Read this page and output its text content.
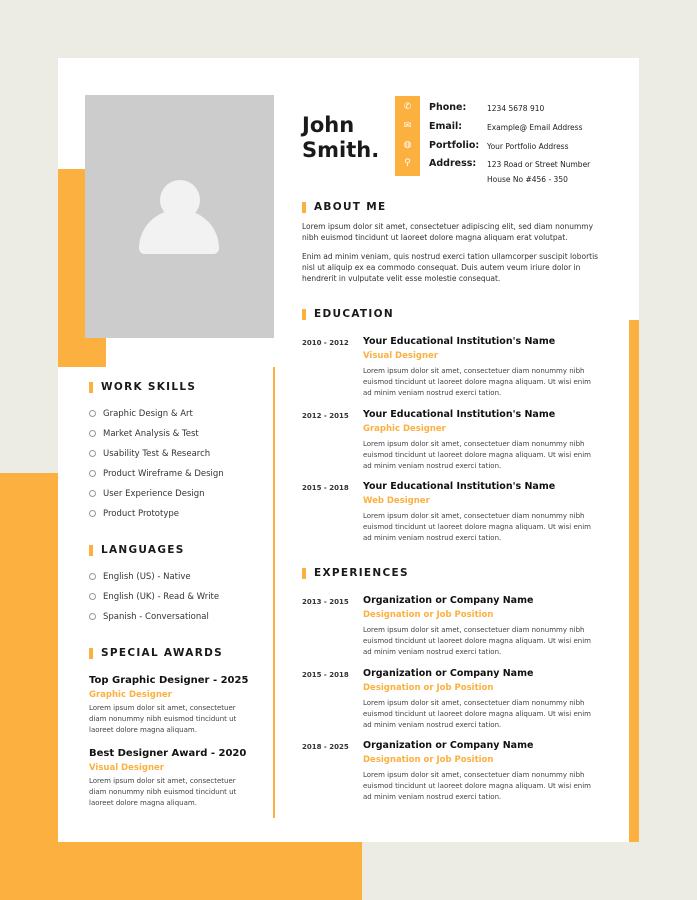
John
Smith.
✆
✉
◍
⚲
Phone:	1234 5678 910
Email:	Example@ Email Address
Portfolio: Your Portfolio Address
Address: 123 Road or Street Number
House No #456 - 350
ABOUT ME
Lorem ipsum dolor sit amet, consectetuer adipiscing elit, sed diam nonummy nibh euismod tincidunt ut laoreet dolore magna aliquam erat volutpat.
Enim ad minim veniam, quis nostrud exerci tation ullamcorper suscipit lobortis nisl ut aliquip ex ea commodo consequat. Duis autem veum iriure dolor in hendrerit in vulputate velit esse molestie consequat.
WORK SKILLS
Graphic Design & Art
Market Analysis & Test
Usability Test & Research
Product Wireframe & Design
User Experience Design
Product Prototype
LANGUAGES
English (US) - Native
English (UK) - Read & Write
Spanish - Conversational
SPECIAL AWARDS
Top Graphic Designer - 2025
Graphic Designer
Lorem ipsum dolor sit amet, consectetuer diam nonummy nibh euismod tincidunt ut laoreet dolore magna aliquam.
Best Designer Award - 2020
Visual Designer
Lorem ipsum dolor sit amet, consectetuer diam nonummy nibh euismod tincidunt ut laoreet dolore magna aliquam.
EDUCATION
2010 - 2012 Your Educational Institution's Name
Visual Designer
Lorem ipsum dolor sit amet, consectetuer diam nonummy nibh euismod tincidunt ut laoreet dolore magna aliquam. Ut wisi enim ad minim veniam nostrud exerci tation.
2012 - 2015 Your Educational Institution's Name
Graphic Designer
Lorem ipsum dolor sit amet, consectetuer diam nonummy nibh euismod tincidunt ut laoreet dolore magna aliquam. Ut wisi enim ad minim veniam nostrud exerci tation.
2015 - 2018 Your Educational Institution's Name
Web Designer
Lorem ipsum dolor sit amet, consectetuer diam nonummy nibh euismod tincidunt ut laoreet dolore magna aliquam. Ut wisi enim ad minim veniam nostrud exerci tation.
EXPERIENCES
2013 - 2015 Organization or Company Name
Designation or Job Position
Lorem ipsum dolor sit amet, consectetuer diam nonummy nibh euismod tincidunt ut laoreet dolore magna aliquam. Ut wisi enim ad minim veniam nostrud exerci tation.
2015 - 2018 Organization or Company Name
Designation or Job Position
Lorem ipsum dolor sit amet, consectetuer diam nonummy nibh euismod tincidunt ut laoreet dolore magna aliquam. Ut wisi enim ad minim veniam nostrud exerci tation.
2018 - 2025 Organization or Company Name
Designation or Job Position
Lorem ipsum dolor sit amet, consectetuer diam nonummy nibh euismod tincidunt ut laoreet dolore magna aliquam. Ut wisi enim ad minim veniam nostrud exerci tation.
